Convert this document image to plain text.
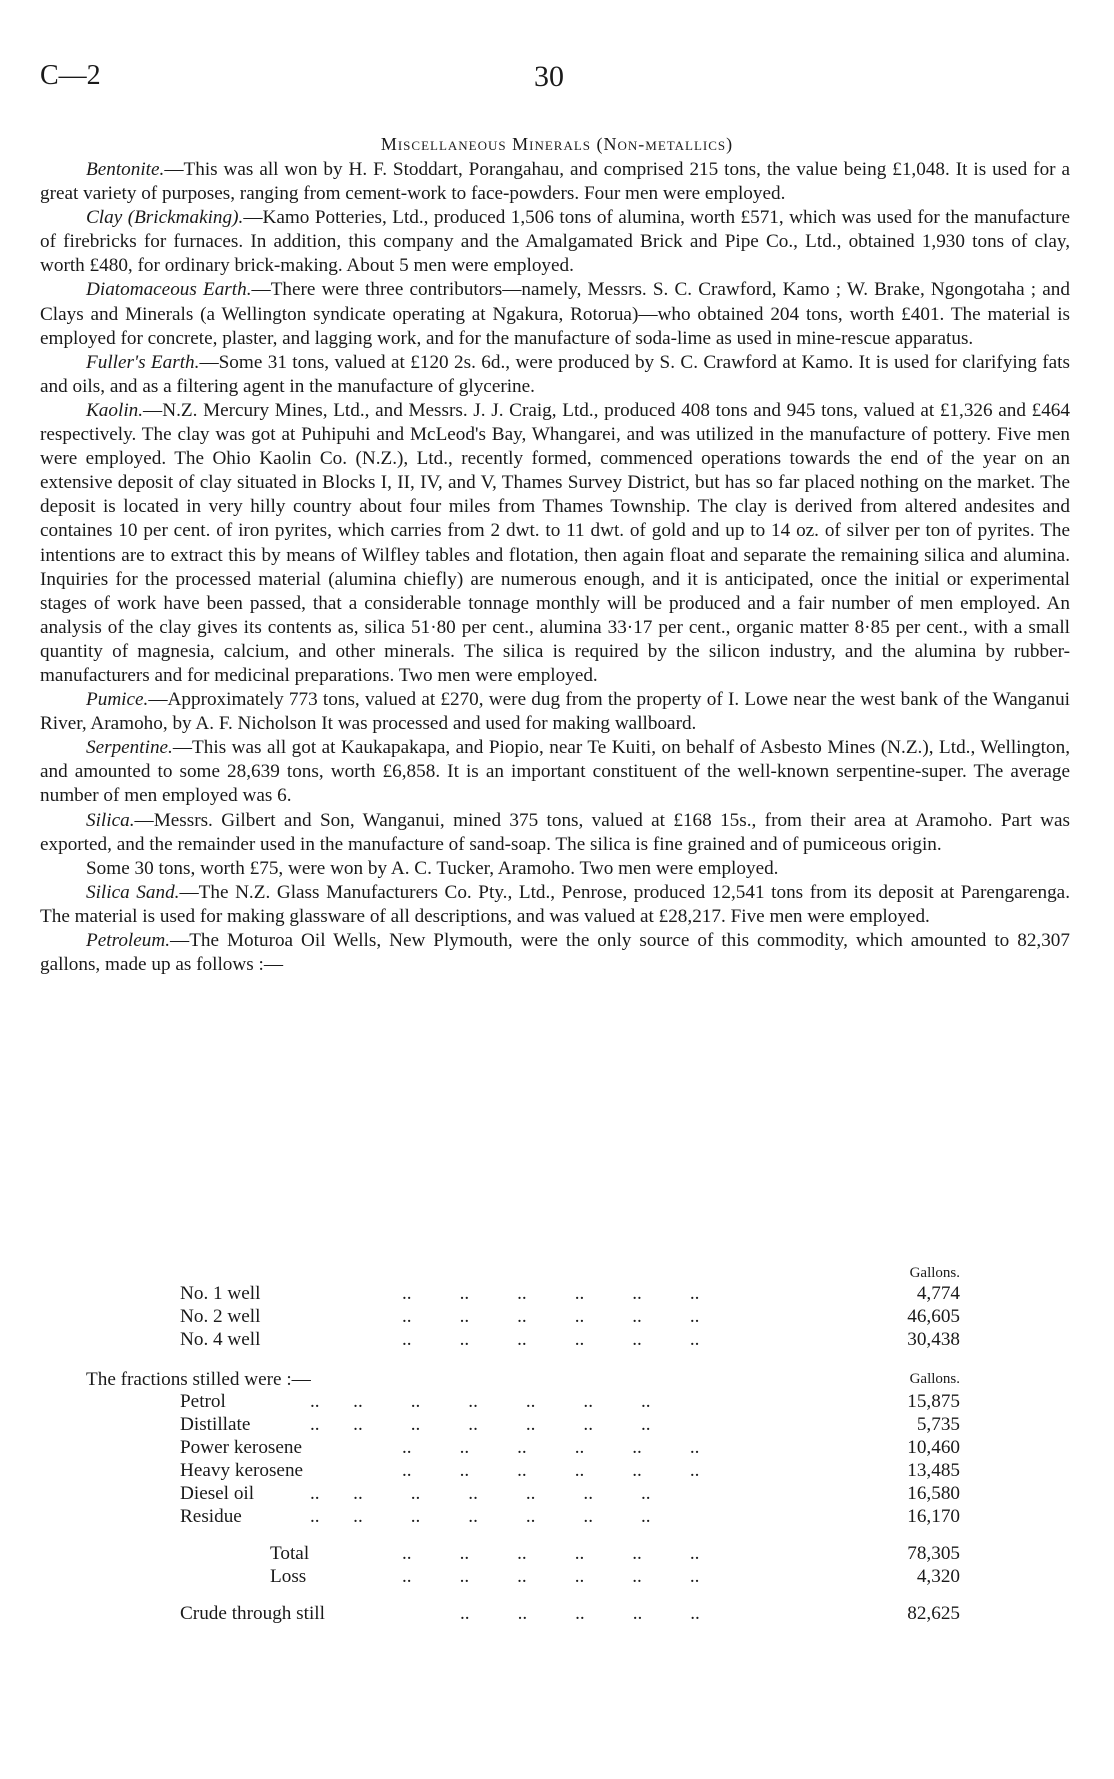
C—2	30
Miscellaneous Minerals (Non-metallics)

Bentonite.—This was all won by H. F. Stoddart, Porangahau, and comprised 215 tons, the value being £1,048. It is used for a great variety of purposes, ranging from cement-work to face-powders. Four men were employed.

Clay (Brickmaking).—Kamo Potteries, Ltd., produced 1,506 tons of alumina, worth £571, which was used for the manufacture of firebricks for furnaces. In addition, this company and the Amalgamated Brick and Pipe Co., Ltd., obtained 1,930 tons of clay, worth £480, for ordinary brick-making. About 5 men were employed.

Diatomaceous Earth.—There were three contributors—namely, Messrs. S. C. Crawford, Kamo ; W. Brake, Ngongotaha ; and Clays and Minerals (a Wellington syndicate operating at Ngakura, Rotorua)—who obtained 204 tons, worth £401. The material is employed for concrete, plaster, and lagging work, and for the manufacture of soda-lime as used in mine-rescue apparatus.

Fuller's Earth.—Some 31 tons, valued at £120 2s. 6d., were produced by S. C. Crawford at Kamo. It is used for clarifying fats and oils, and as a filtering agent in the manufacture of glycerine.

Kaolin.—N.Z. Mercury Mines, Ltd., and Messrs. J. J. Craig, Ltd., produced 408 tons and 945 tons, valued at £1,326 and £464 respectively. The clay was got at Puhipuhi and McLeod's Bay, Whangarei, and was utilized in the manufacture of pottery. Five men were employed. The Ohio Kaolin Co. (N.Z.), Ltd., recently formed, commenced operations towards the end of the year on an extensive deposit of clay situated in Blocks I, II, IV, and V, Thames Survey District, but has so far placed nothing on the market. The deposit is located in very hilly country about four miles from Thames Township. The clay is derived from altered andesites and containes 10 per cent. of iron pyrites, which carries from 2 dwt. to 11 dwt. of gold and up to 14 oz. of silver per ton of pyrites. The intentions are to extract this by means of Wilfley tables and flotation, then again float and separate the remaining silica and alumina. Inquiries for the processed material (alumina chiefly) are numerous enough, and it is anticipated, once the initial or experimental stages of work have been passed, that a considerable tonnage monthly will be produced and a fair number of men employed. An analysis of the clay gives its contents as, silica 51·80 per cent., alumina 33·17 per cent., organic matter 8·85 per cent., with a small quantity of magnesia, calcium, and other minerals. The silica is required by the silicon industry, and the alumina by rubber-manufacturers and for medicinal preparations. Two men were employed.

Pumice.—Approximately 773 tons, valued at £270, were dug from the property of I. Lowe near the west bank of the Wanganui River, Aramoho, by A. F. Nicholson It was processed and used for making wallboard.

Serpentine.—This was all got at Kaukapakapa, and Piopio, near Te Kuiti, on behalf of Asbesto Mines (N.Z.), Ltd., Wellington, and amounted to some 28,639 tons, worth £6,858. It is an important constituent of the well-known serpentine-super. The average number of men employed was 6.

Silica.—Messrs. Gilbert and Son, Wanganui, mined 375 tons, valued at £168 15s., from their area at Aramoho. Part was exported, and the remainder used in the manufacture of sand-soap. The silica is fine grained and of pumiceous origin.

Some 30 tons, worth £75, were won by A. C. Tucker, Aramoho. Two men were employed.

Silica Sand.—The N.Z. Glass Manufacturers Co. Pty., Ltd., Penrose, produced 12,541 tons from its deposit at Parengarenga. The material is used for making glassware of all descriptions, and was valued at £28,217. Five men were employed.

Petroleum.—The Moturoa Oil Wells, New Plymouth, were the only source of this commodity, which amounted to 82,307 gallons, made up as follows :—

Gallons.
No. 1 well	..          ..          ..          ..          ..          ..	4,774
No. 2 well	..          ..          ..          ..          ..          ..	46,605
No. 4 well	..          ..          ..          ..          ..          ..	30,438
The fractions stilled were :—	Gallons.
Petrol	..       ..          ..          ..          ..          ..          ..	15,875
Distillate	..       ..          ..          ..          ..          ..          ..	5,735
Power kerosene	..          ..          ..          ..          ..          ..	10,460
Heavy kerosene	..          ..          ..          ..          ..          ..	13,485
Diesel oil	..       ..          ..          ..          ..          ..          ..	16,580
Residue	..       ..          ..          ..          ..          ..          ..	16,170
Total	..          ..          ..          ..          ..          ..	78,305
Loss	..          ..          ..          ..          ..          ..	4,320
Crude through still	..          ..          ..          ..          ..	82,625
